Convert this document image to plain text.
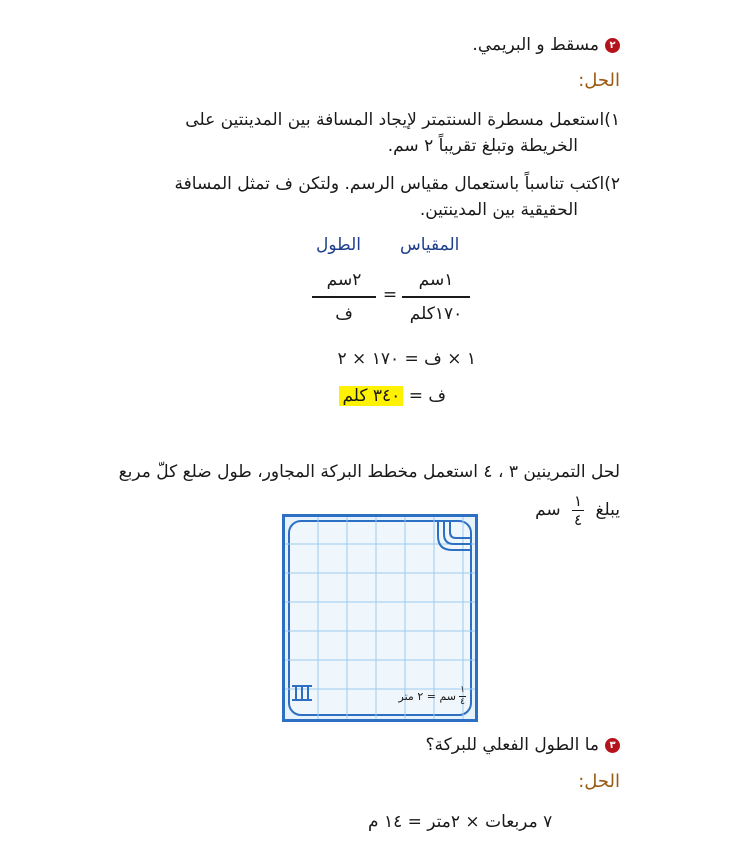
٢مسقط و البريمي.
الحل:
١)استعمل مسطرة السنتمتر لإيجاد المسافة بين المدينتين على
الخريطة وتبلغ تقريباً ٢ سم.
٢)اكتب تناسباً باستعمال مقياس الرسم. ولتكن ف تمثل المسافة
الحقيقية بين المدينتين.
المقياس
الطول
١سم
١٧٠كلم
=
٢سم
ف
١ × ف = ١٧٠ × ٢
ف = ٣٤٠ كلم
لحل التمرينين ٣ ، ٤ استعمل مخطط البركة المجاور، طول ضلع كلّ مربع
يبلغ
١
٤
سم
١
٤
سم = ٢ متر
٣ما الطول الفعلي للبركة؟
الحل:
٧ مربعات × ٢متر = ١٤ م
